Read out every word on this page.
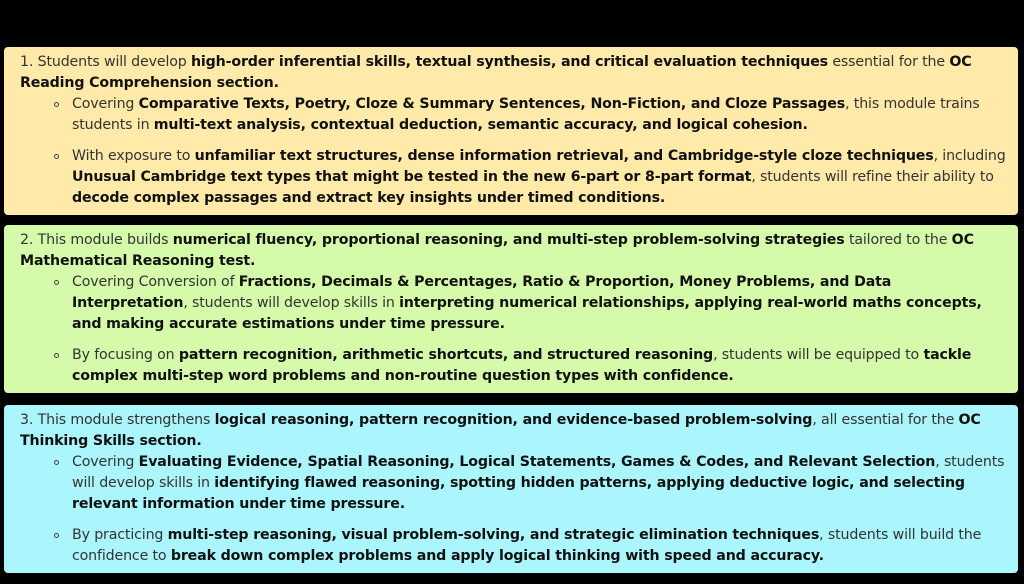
1. Students will develop high-order inferential skills, textual synthesis, and critical evaluation techniques essential for the OC Reading Comprehension section.

Covering Comparative Texts, Poetry, Cloze & Summary Sentences, Non-Fiction, and Cloze Passages, this module trains students in multi-text analysis, contextual deduction, semantic accuracy, and logical cohesion.
With exposure to unfamiliar text structures, dense information retrieval, and Cambridge-style cloze techniques, including Unusual Cambridge text types that might be tested in the new 6-part or 8-part format, students will refine their ability to decode complex passages and extract key insights under timed conditions.

2. This module builds numerical fluency, proportional reasoning, and multi-step problem-solving strategies tailored to the OC Mathematical Reasoning test.

Covering Conversion of Fractions, Decimals & Percentages, Ratio & Proportion, Money Problems, and Data Interpretation, students will develop skills in interpreting numerical relationships, applying real-world maths concepts, and making accurate estimations under time pressure.
By focusing on pattern recognition, arithmetic shortcuts, and structured reasoning, students will be equipped to tackle complex multi-step word problems and non-routine question types with confidence.

3. This module strengthens logical reasoning, pattern recognition, and evidence-based problem-solving, all essential for the OC Thinking Skills section.

Covering Evaluating Evidence, Spatial Reasoning, Logical Statements, Games & Codes, and Relevant Selection, students will develop skills in identifying flawed reasoning, spotting hidden patterns, applying deductive logic, and selecting relevant information under time pressure.
By practicing multi-step reasoning, visual problem-solving, and strategic elimination techniques, students will build the confidence to break down complex problems and apply logical thinking with speed and accuracy.
